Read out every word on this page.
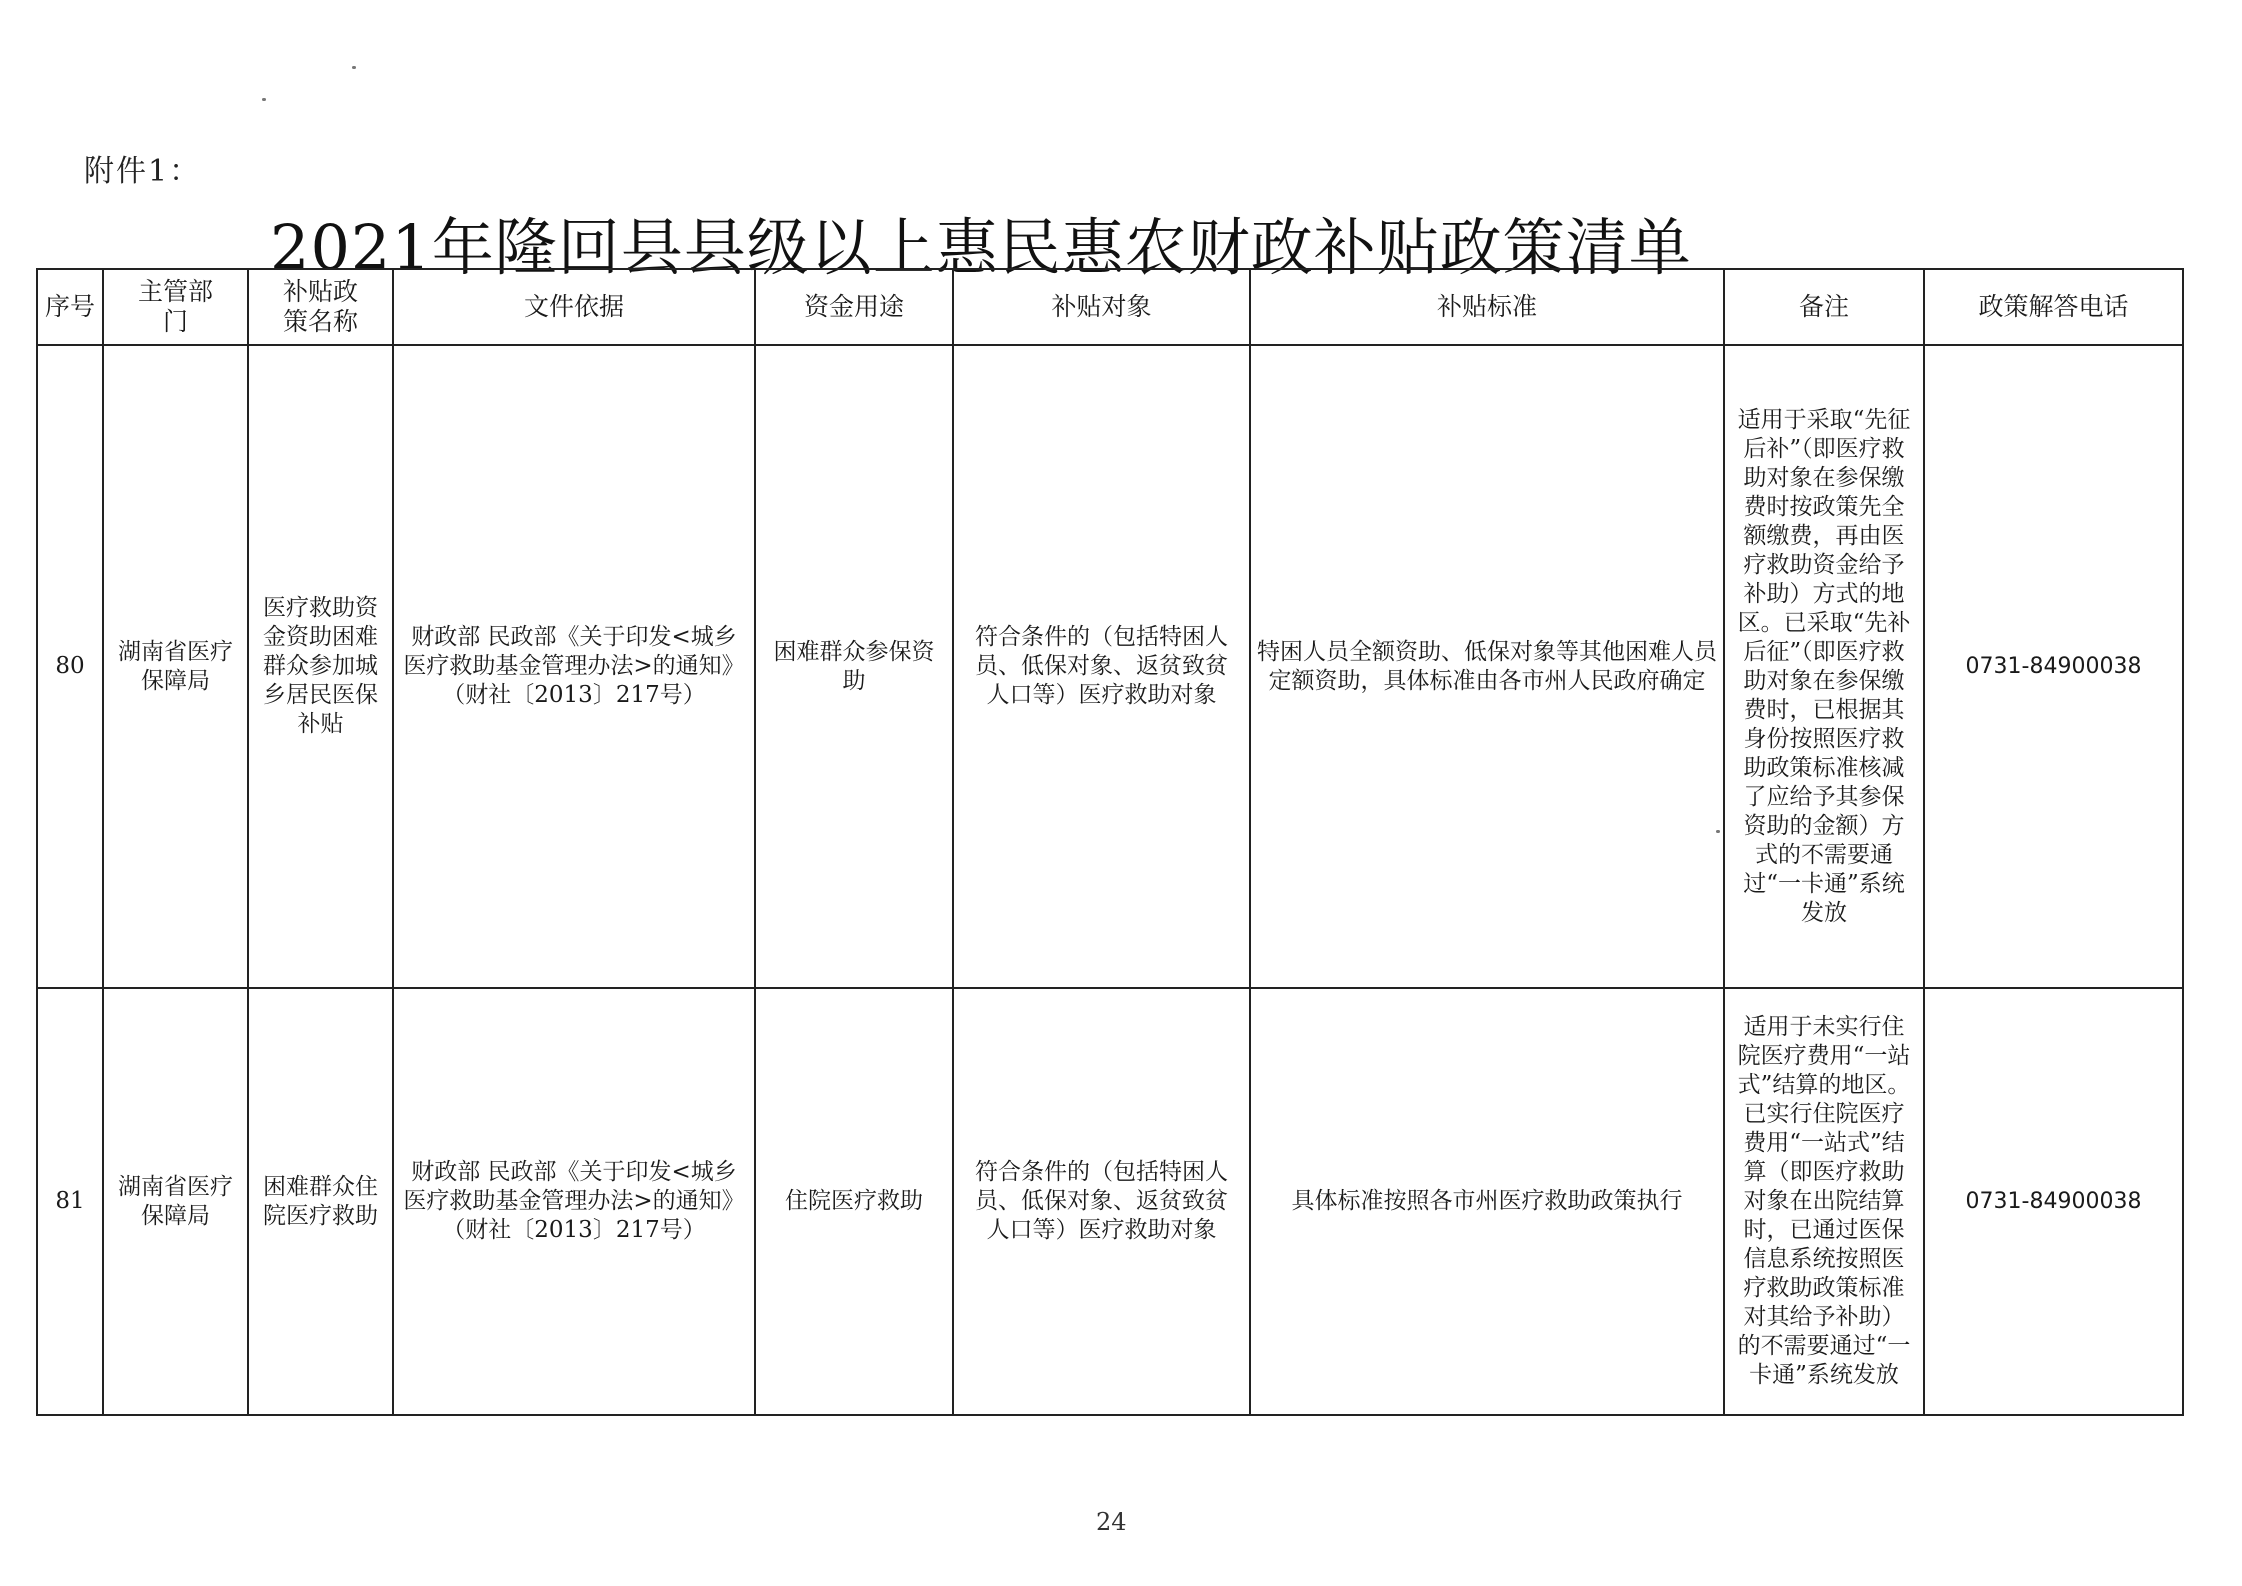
附件1：
2021年隆回县县级以上惠民惠农财政补贴政策清单
序号	主管部门	补贴政策名称	文件依据	资金用途	补贴对象	补贴标准	备注	政策解答电话
80	湖南省医疗保障局	医疗救助资金资助困难群众参加城乡居民医保补贴	财政部 民政部《关于印发<城乡医疗救助基金管理办法>的通知》（财社〔2013〕217号）	困难群众参保资助	符合条件的（包括特困人员、低保对象、返贫致贫人口等）医疗救助对象	特困人员全额资助、低保对象等其他困难人员定额资助，具体标准由各市州人民政府确定	适用于采取“先征后补”（即医疗救助对象在参保缴费时按政策先全额缴费，再由医疗救助资金给予补助）方式的地区。已采取“先补后征”（即医疗救助对象在参保缴费时，已根据其身份按照医疗救助政策标准核减了应给予其参保资助的金额）方式的不需要通过“一卡通”系统发放	0731-84900038
81	湖南省医疗保障局	困难群众住院医疗救助	财政部 民政部《关于印发<城乡医疗救助基金管理办法>的通知》（财社〔2013〕217号）	住院医疗救助	符合条件的（包括特困人员、低保对象、返贫致贫人口等）医疗救助对象	具体标准按照各市州医疗救助政策执行	适用于未实行住院医疗费用“一站式”结算的地区。已实行住院医疗费用“一站式”结算（即医疗救助对象在出院结算时，已通过医保信息系统按照医疗救助政策标准对其给予补助）的不需要通过“一卡通”系统发放	0731-84900038
24
